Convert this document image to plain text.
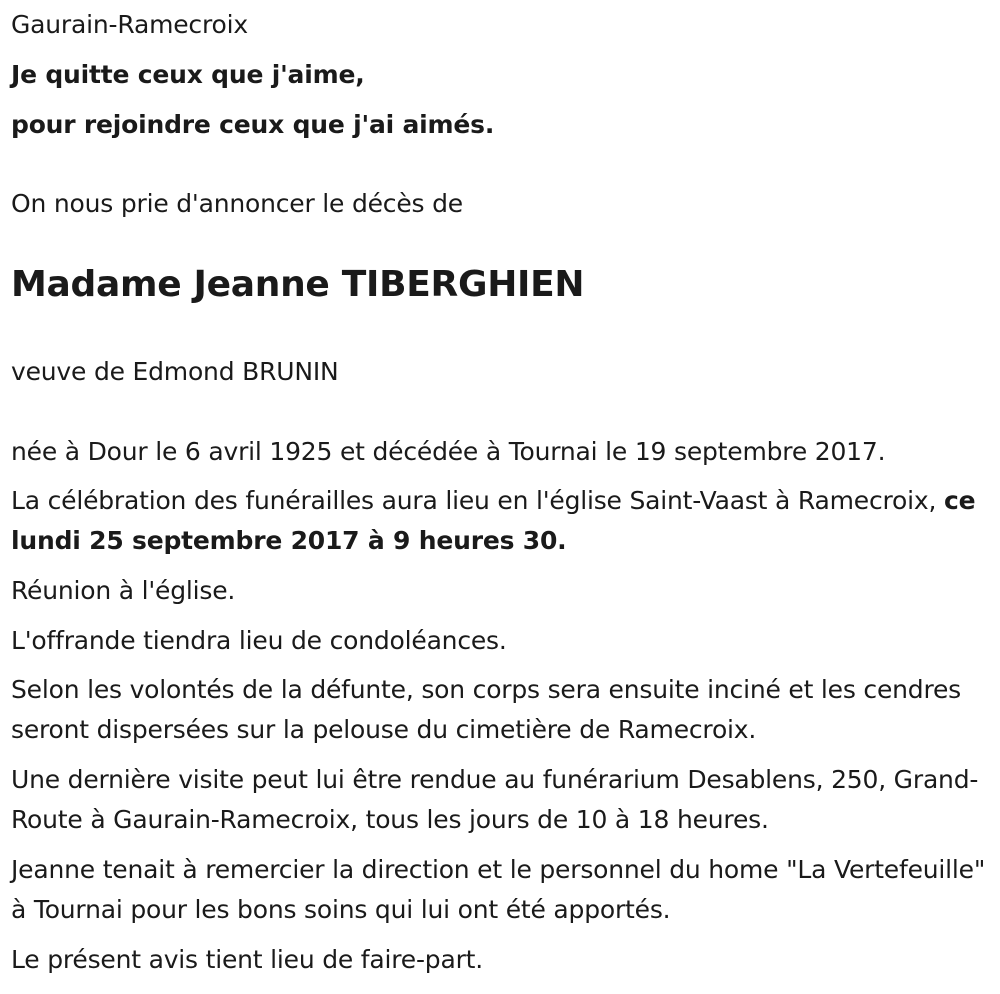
Gaurain-Ramecroix
Je quitte ceux que j'aime,
pour rejoindre ceux que j'ai aimés.
On nous prie d'annoncer le décès de
Madame Jeanne TIBERGHIEN
veuve de Edmond BRUNIN
née à Dour le 6 avril 1925 et décédée à Tournai le 19 septembre 2017.
La célébration des funérailles aura lieu en l'église Saint-Vaast à Ramecroix, ce lundi 25 septembre 2017 à 9 heures 30.
Réunion à l'église.
L'offrande tiendra lieu de condoléances.
Selon les volontés de la défunte, son corps sera ensuite inciné et les cendres seront dispersées sur la pelouse du cimetière de Ramecroix.
Une dernière visite peut lui être rendue au funérarium Desablens, 250, Grand-Route à Gaurain-Ramecroix, tous les jours de 10 à 18 heures.
Jeanne tenait à remercier la direction et le personnel du home "La Vertefeuille" à Tournai pour les bons soins qui lui ont été apportés.
Le présent avis tient lieu de faire-part.
